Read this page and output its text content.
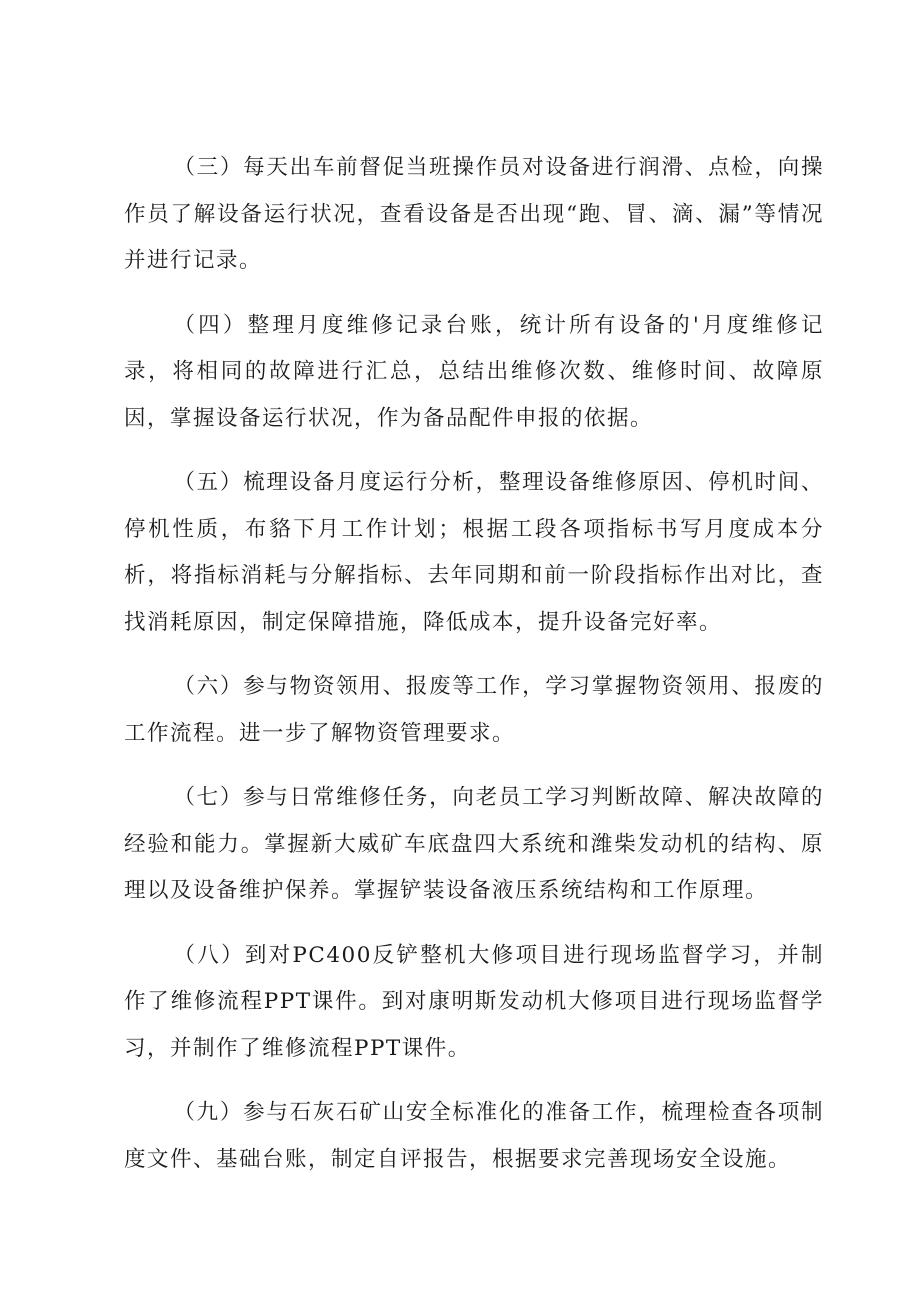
（三）每天出车前督促当班操作员对设备进行润滑、点检，向操作员了解设备运行状况，查看设备是否出现“跑、冒、滴、漏”等情况并进行记录。

（四）整理月度维修记录台账，统计所有设备的'月度维修记录，将相同的故障进行汇总，总结出维修次数、维修时间、故障原因，掌握设备运行状况，作为备品配件申报的依据。

（五）梳理设备月度运行分析，整理设备维修原因、停机时间、停机性质，布貉下月工作计划；根据工段各项指标书写月度成本分析，将指标消耗与分解指标、去年同期和前一阶段指标作出对比，查找消耗原因，制定保障措施，降低成本，提升设备完好率。

（六）参与物资领用、报废等工作，学习掌握物资领用、报废的工作流程。进一步了解物资管理要求。

（七）参与日常维修任务，向老员工学习判断故障、解决故障的经验和能力。掌握新大威矿车底盘四大系统和潍柴发动机的结构、原理以及设备维护保养。掌握铲装设备液压系统结构和工作原理。

（八）到对PC400反铲整机大修项目进行现场监督学习，并制作了维修流程PPT课件。到对康明斯发动机大修项目进行现场监督学习，并制作了维修流程PPT课件。

（九）参与石灰石矿山安全标准化的准备工作，梳理检查各项制度文件、基础台账，制定自评报告，根据要求完善现场安全设施。
